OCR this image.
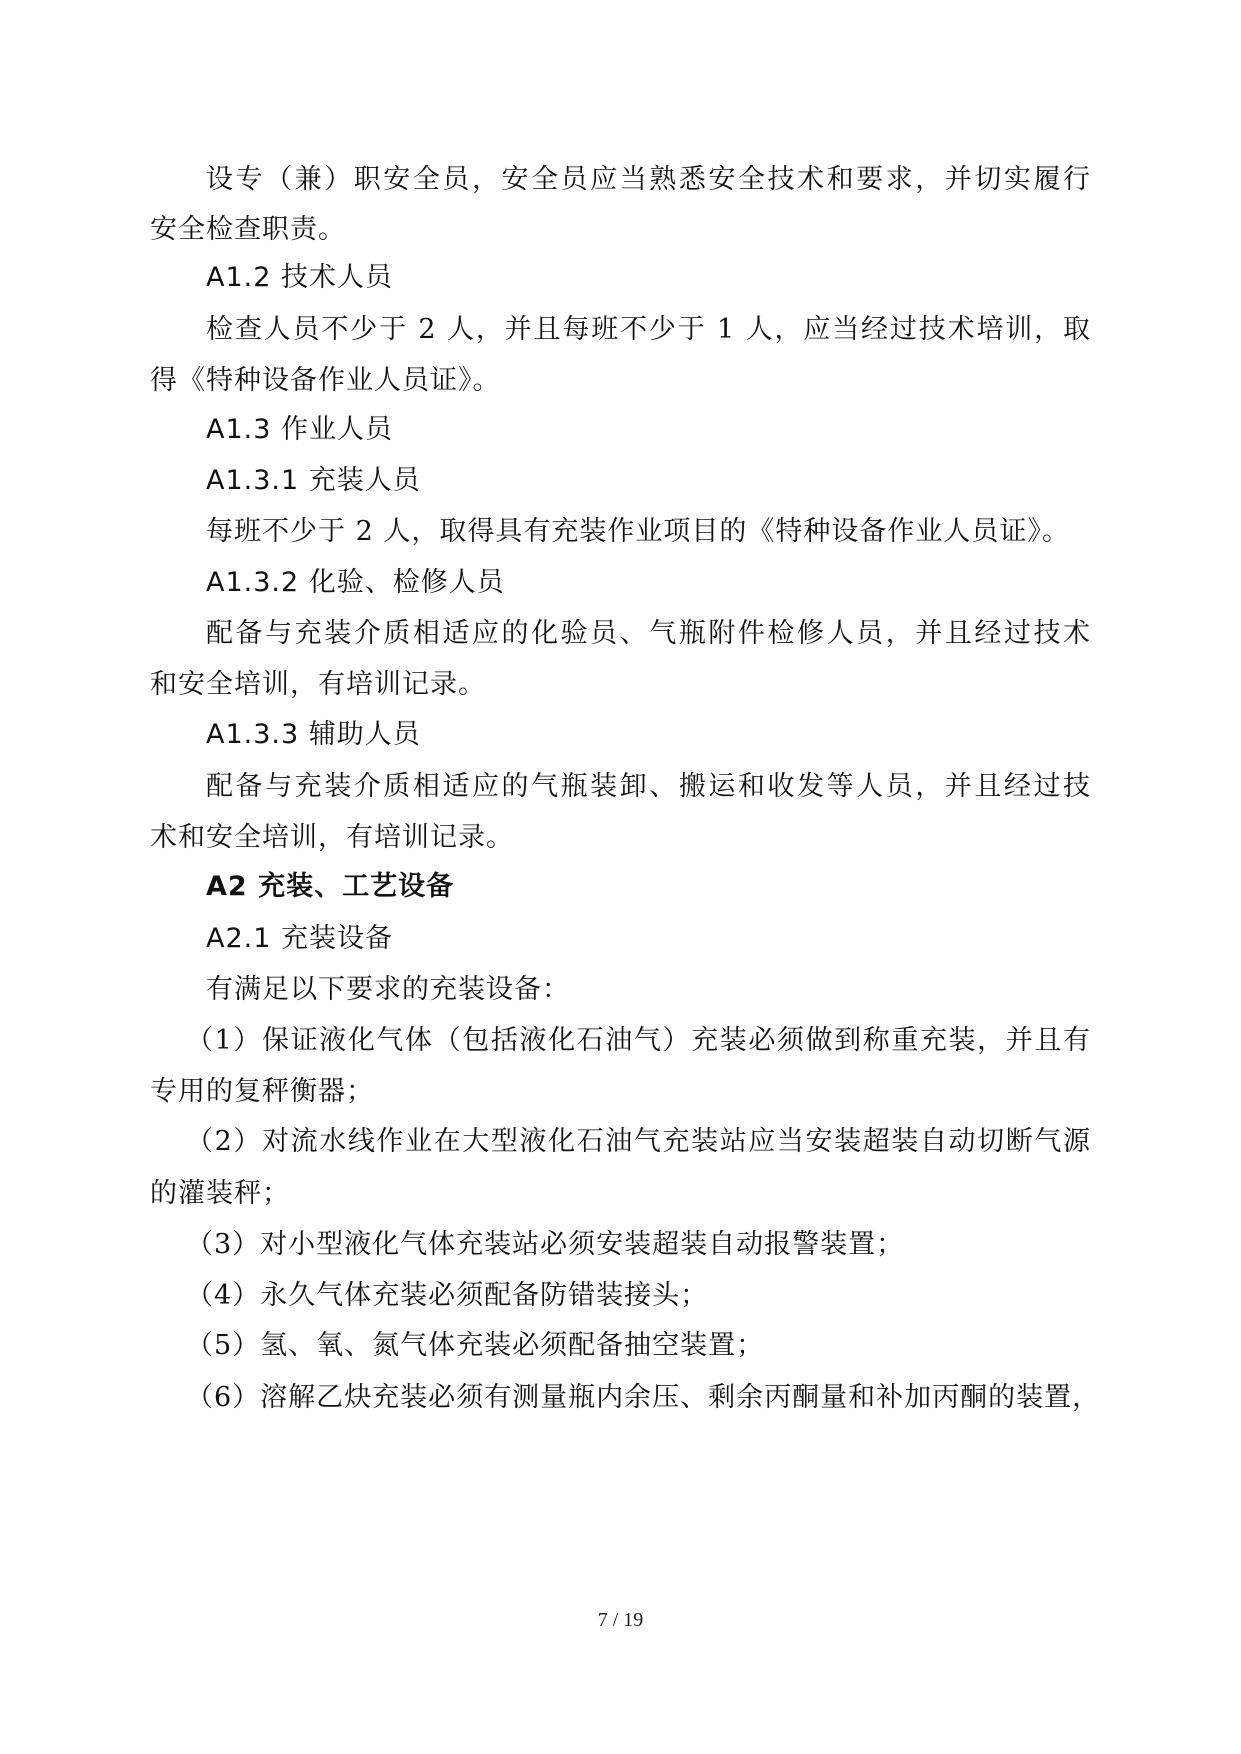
设专（兼）职安全员，安全员应当熟悉安全技术和要求，并切实履行
安全检查职责。
A1.2 技术人员
检查人员不少于 2 人，并且每班不少于 1 人，应当经过技术培训，取
得《特种设备作业人员证》。
A1.3 作业人员
A1.3.1 充装人员
每班不少于 2 人，取得具有充装作业项目的《特种设备作业人员证》。
A1.3.2 化验、检修人员
配备与充装介质相适应的化验员、气瓶附件检修人员，并且经过技术
和安全培训，有培训记录。
A1.3.3 辅助人员
配备与充装介质相适应的气瓶装卸、搬运和收发等人员，并且经过技
术和安全培训，有培训记录。
A2 充装、工艺设备
A2.1 充装设备
有满足以下要求的充装设备：
（1）保证液化气体（包括液化石油气）充装必须做到称重充装，并且有
专用的复秤衡器；
（2）对流水线作业在大型液化石油气充装站应当安装超装自动切断气源
的灌装秤；
（3）对小型液化气体充装站必须安装超装自动报警装置；
（4）永久气体充装必须配备防错装接头；
（5）氢、氧、氮气体充装必须配备抽空装置；
（6）溶解乙炔充装必须有测量瓶内余压、剩余丙酮量和补加丙酮的装置，
7 / 19
